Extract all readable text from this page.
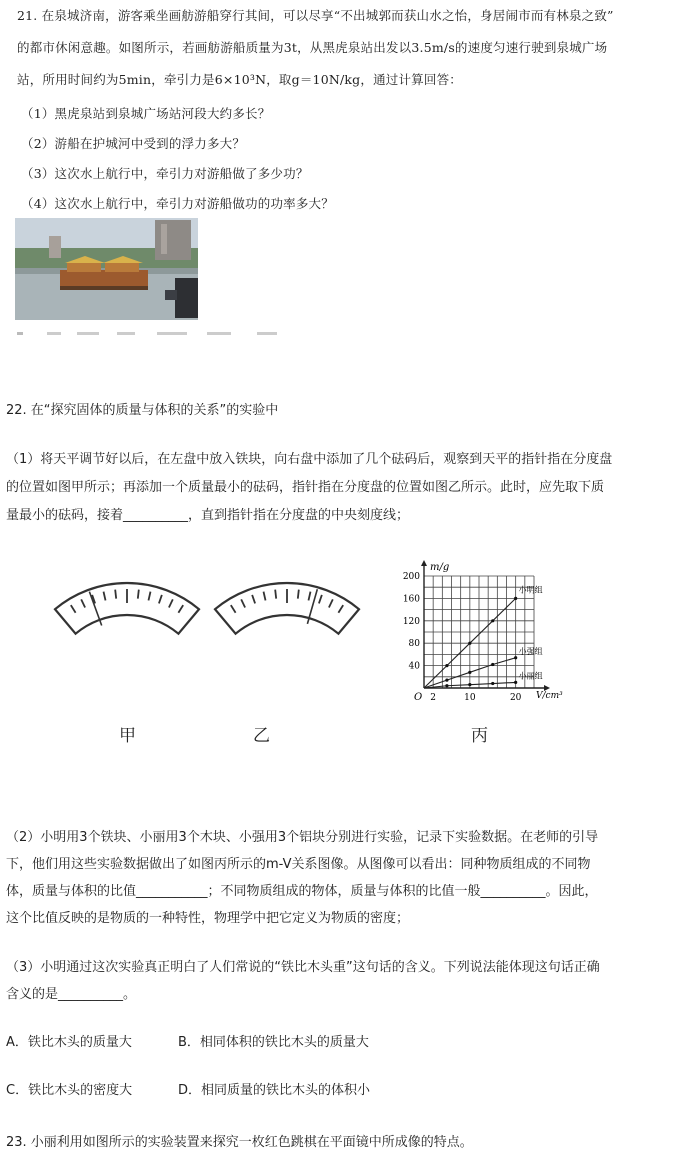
21. 在泉城济南，游客乘坐画舫游船穿行其间，可以尽享“不出城郭而获山水之怡，身居闹市而有林泉之致”
的都市休闲意趣。如图所示，若画舫游船质量为3t，从黑虎泉站出发以3.5m/s的速度匀速行驶到泉城广场
站，所用时间约为5min，牵引力是6×10³N，取g＝10N/kg，通过计算回答：
（1）黑虎泉站到泉城广场站河段大约多长？
（2）游船在护城河中受到的浮力多大？
（3）这次水上航行中，牵引力对游船做了多少功？
（4）这次水上航行中，牵引力对游船做功的功率多大？
22. 在“探究固体的质量与体积的关系”的实验中
（1）将天平调节好以后，在左盘中放入铁块，向右盘中添加了几个砝码后，观察到天平的指针指在分度盘
的位置如图甲所示；再添加一个质量最小的砝码，指针指在分度盘的位置如图乙所示。此时，应先取下质
量最小的砝码，接着__________，直到指针指在分度盘的中央刻度线；
甲	乙	丙
40
80
120
160
200
2	10	20
O
m/g
V/cm³
小明组
小强组
小丽组
（2）小明用3个铁块、小丽用3个木块、小强用3个铝块分别进行实验，记录下实验数据。在老师的引导
下，他们用这些实验数据做出了如图丙所示的m-V关系图像。从图像可以看出：同种物质组成的不同物
体，质量与体积的比值___________；不同物质组成的物体，质量与体积的比值一般__________。因此，
这个比值反映的是物质的一种特性，物理学中把它定义为物质的密度；
（3）小明通过这次实验真正明白了人们常说的“铁比木头重”这句话的含义。下列说法能体现这句话正确
含义的是__________。
A．铁比木头的质量大	B．相同体积的铁比木头的质量大
C．铁比木头的密度大	D．相同质量的铁比木头的体积小
23. 小丽利用如图所示的实验装置来探究一枚红色跳棋在平面镜中所成像的特点。
